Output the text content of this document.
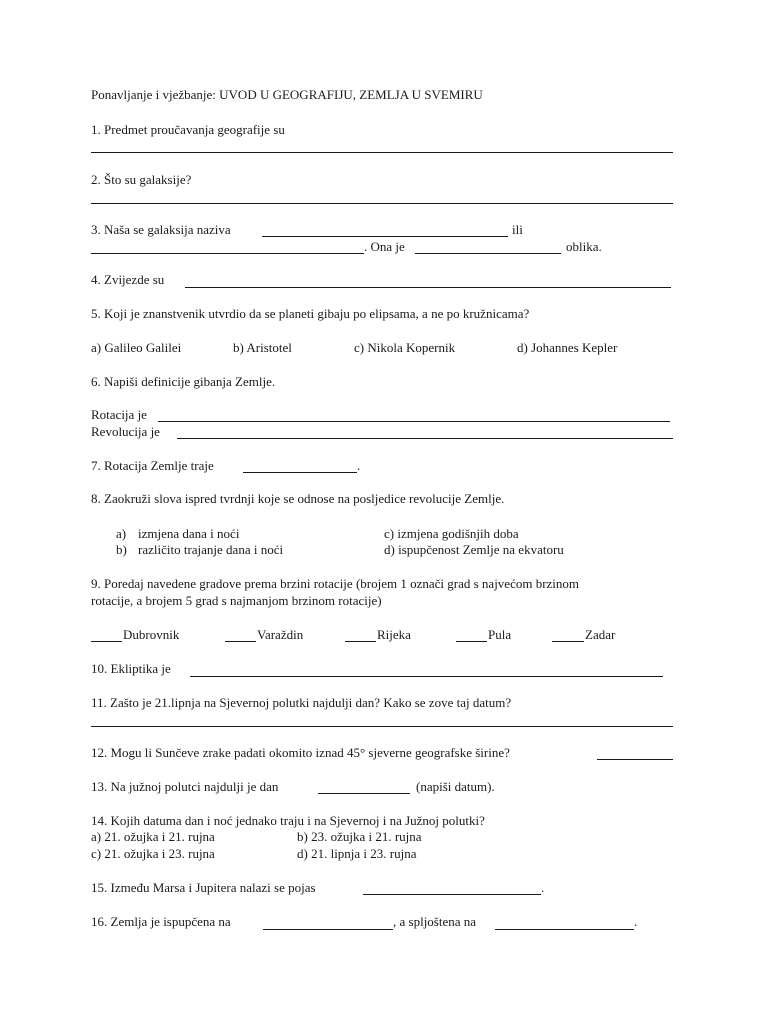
Ponavljanje i vježbanje: UVOD U GEOGRAFIJU, ZEMLJA U SVEMIRU
1. Predmet proučavanja geografije su
2. Što su galaksije?
3. Naša se galaksija naziva	ili
. Ona je	oblika.
4. Zvijezde su
5. Koji je znanstvenik utvrdio da se planeti gibaju po elipsama, a ne po kružnicama?
a) Galileo Galilei	b) Aristotel	c) Nikola Kopernik	d) Johannes Kepler
6. Napiši definicije gibanja Zemlje.
Rotacija je
Revolucija je
7. Rotacija Zemlje traje	.
8. Zaokruži slova ispred tvrdnji koje se odnose na posljedice revolucije Zemlje.
a) izmjena dana i noći	c) izmjena godišnjih doba
b) različito trajanje dana i noći	d) ispupčenost Zemlje na ekvatoru
9. Poredaj navedene gradove prema brzini rotacije (brojem 1 označi grad s najvećom brzinom
rotacije, a brojem 5 grad s najmanjom brzinom rotacije)
Dubrovnik	Varaždin	Rijeka	Pula	Zadar
10. Ekliptika je
11. Zašto je 21.lipnja na Sjevernoj polutki najdulji dan? Kako se zove taj datum?
12. Mogu li Sunčeve zrake padati okomito iznad 45° sjeverne geografske širine?
13. Na južnoj polutci najdulji je dan	(napiši datum).
14. Kojih datuma dan i noć jednako traju i na Sjevernoj i na Južnoj polutki?
a) 21. ožujka i 21. rujna	b) 23. ožujka i 21. rujna
c) 21. ožujka i 23. rujna	d) 21. lipnja i 23. rujna
15. Između Marsa i Jupitera nalazi se pojas	.
16. Zemlja je ispupčena na	, a spljoštena na	.
